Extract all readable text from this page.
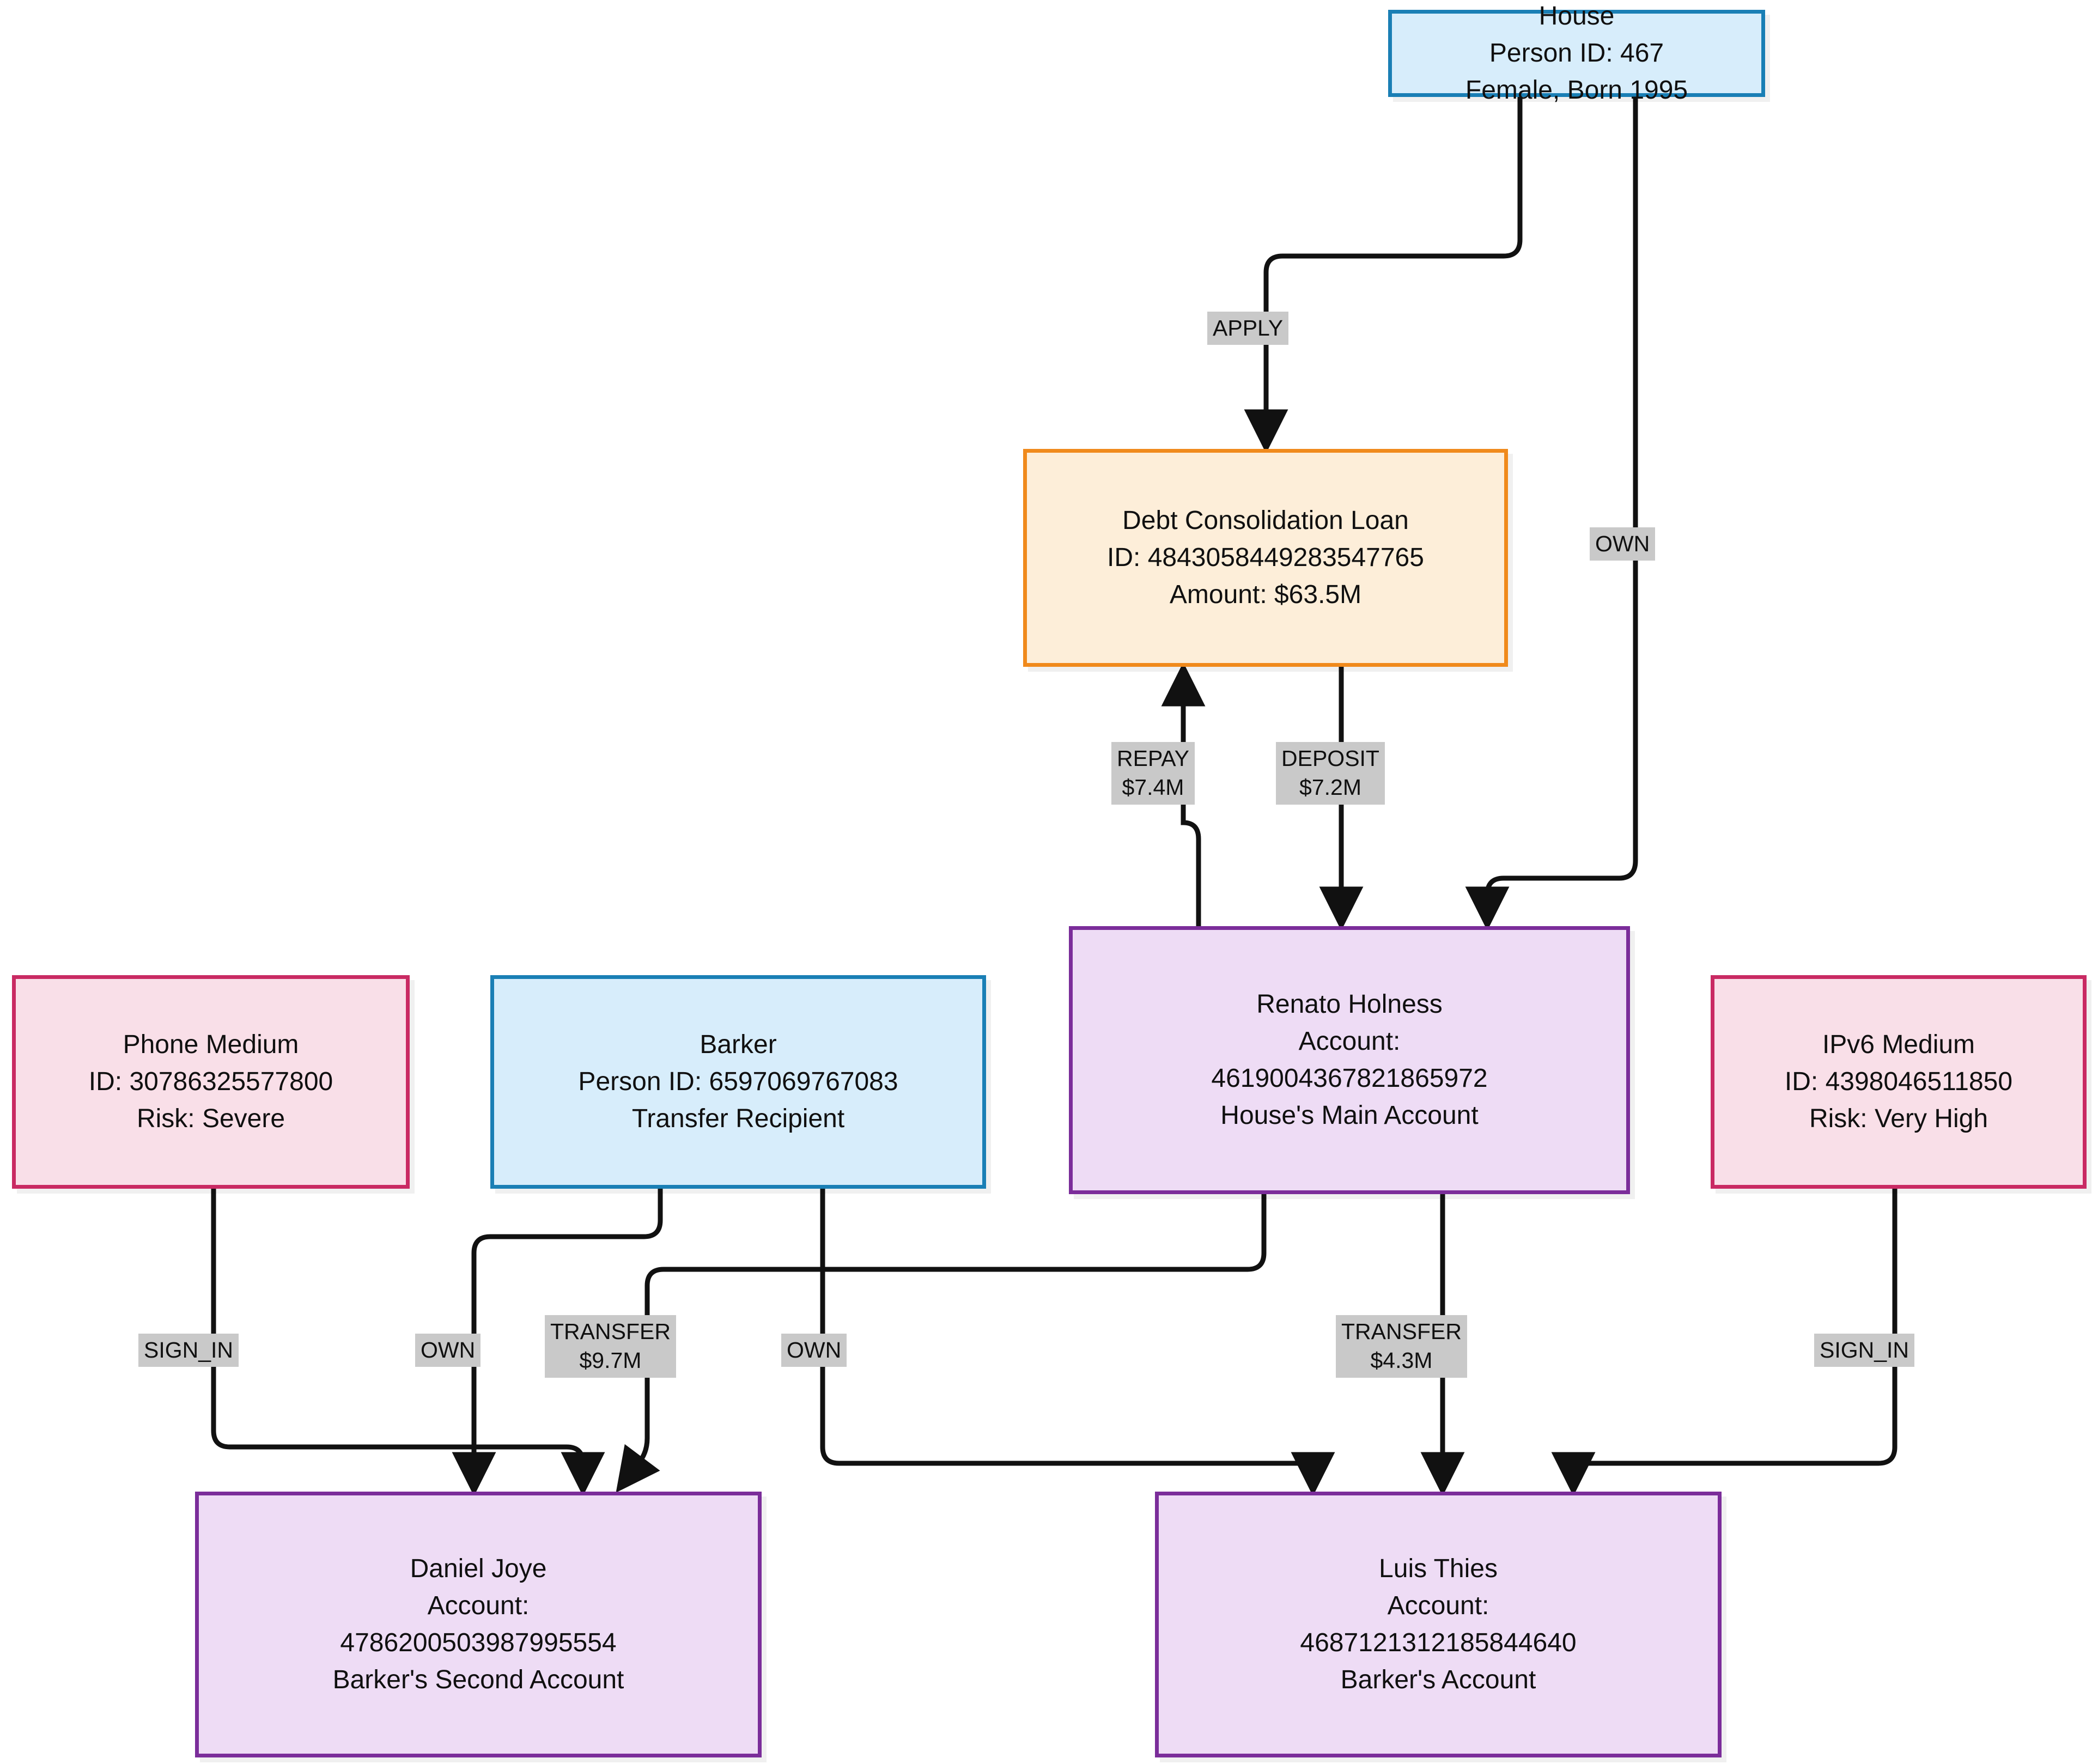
House
Person ID: 467
Female, Born 1995
Debt Consolidation Loan
ID: 4843058449283547765
Amount: $63.5M
Renato Holness
Account:
4619004367821865972
House's Main Account
Phone Medium
ID: 30786325577800
Risk: Severe
Barker
Person ID: 6597069767083
Transfer Recipient
IPv6 Medium
ID: 4398046511850
Risk: Very High
Daniel Joye
Account:
4786200503987995554
Barker's Second Account
Luis Thies
Account:
4687121312185844640
Barker's Account
APPLY
OWN
REPAY
$7.4M
DEPOSIT
$7.2M
SIGN_IN	OWN
TRANSFER
$9.7M	OWN
TRANSFER
$4.3M	SIGN_IN
